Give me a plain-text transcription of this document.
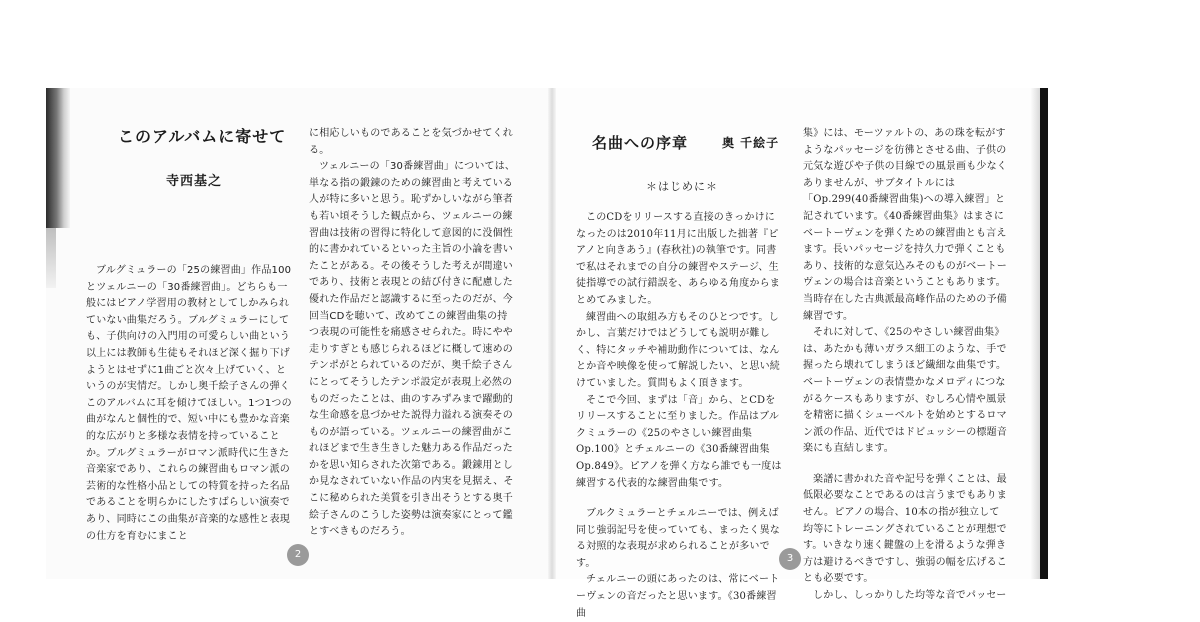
このアルバムに寄せて
寺西基之

ブルグミュラーの「25の練習曲」作品100とツェルニーの「30番練習曲」。どちらも一般にはピアノ学習用の教材としてしかみられていない曲集だろう。ブルグミュラーにしても、子供向けの入門用の可愛らしい曲という以上には教師も生徒もそれほど深く掘り下げようとはせずに1曲ごと次々上げていく、というのが実情だ。しかし奥千絵子さんの弾くこのアルバムに耳を傾けてほしい。1つ1つの曲がなんと個性的で、短い中にも豊かな音楽的な広がりと多様な表情を持っていることか。ブルグミュラーがロマン派時代に生きた音楽家であり、これらの練習曲もロマン派の芸術的な性格小品としての特質を持った名品であることを明らかにしたすばらしい演奏であり、同時にこの曲集が音楽的な感性と表現の仕方を育むにまこと

に相応しいものであることを気づかせてくれる。

ツェルニーの「30番練習曲」については、単なる指の鍛錬のための練習曲と考えている人が特に多いと思う。恥ずかしいながら筆者も若い頃そうした観点から、ツェルニーの練習曲は技術の習得に特化して意図的に没個性的に書かれているといった主旨の小論を書いたことがある。その後そうした考えが間違いであり、技術と表現との結び付きに配慮した優れた作品だと認識するに至ったのだが、今回当CDを聴いて、改めてこの練習曲集の持つ表現の可能性を痛感させられた。時にやや走りすぎとも感じられるほどに概して速めのテンポがとられているのだが、奥千絵子さんにとってそうしたテンポ設定が表現上必然のものだったことは、曲のすみずみまで躍動的な生命感を息づかせた説得力溢れる演奏そのものが語っている。ツェルニーの練習曲がこれほどまで生き生きした魅力ある作品だったかを思い知らされた次第である。鍛錬用としか見なされていない作品の内実を見据え、そこに秘められた美質を引き出そうとする奥千絵子さんのこうした姿勢は演奏家にとって鑑とすべきものだろう。

2
名曲への序章	奥 千絵子
＊はじめに＊

このCDをリリースする直接のきっかけになったのは2010年11月に出版した拙著『ピアノと向きあう』(春秋社)の執筆です。同書で私はそれまでの自分の練習やステージ、生徒指導での試行錯誤を、あらゆる角度からまとめてみました。

練習曲への取組み方もそのひとつです。しかし、言葉だけではどうしても説明が難しく、特にタッチや補助動作については、なんとか音や映像を使って解説したい、と思い続けていました。質問もよく頂きます。

そこで今回、まずは「音」から、とCDをリリースすることに至りました。作品はブルクミュラーの《25のやさしい練習曲集Op.100》とチェルニーの《30番練習曲集Op.849》。ピアノを弾く方なら誰でも一度は練習する代表的な練習曲集です。

ブルクミュラーとチェルニーでは、例えば同じ強弱記号を使っていても、まったく異なる対照的な表現が求められることが多いです。

チェルニーの頭にあったのは、常にベートーヴェンの音だったと思います。《30番練習曲

集》には、モーツァルトの、あの珠を転がすようなパッセージを彷彿とさせる曲、子供の元気な遊びや子供の目線での風景画も少なくありませんが、サブタイトルには「Op.299(40番練習曲集)への導入練習」と記されています。《40番練習曲集》はまさにベートーヴェンを弾くための練習曲とも言えます。長いパッセージを持久力で弾くこともあり、技術的な意気込みそのものがベートーヴェンの場合は音楽ということもあります。当時存在した古典派最高峰作品のための予備練習です。

それに対して、《25のやさしい練習曲集》は、あたかも薄いガラス細工のような、手で握ったら壊れてしまうほど繊細な曲集です。ベートーヴェンの表情豊かなメロディにつながるケースもありますが、むしろ心情や風景を精密に描くシューベルトを始めとするロマン派の作品、近代ではドビュッシーの標題音楽にも直結します。

楽譜に書かれた音や記号を弾くことは、最低限必要なことであるのは言うまでもありません。ピアノの場合、10本の指が独立して均等にトレーニングされていることが理想です。いきなり速く鍵盤の上を滑るような弾き方は避けるべきですし、強弱の幅を広げることも必要です。

しかし、しっかりした均等な音でパッセー

3
